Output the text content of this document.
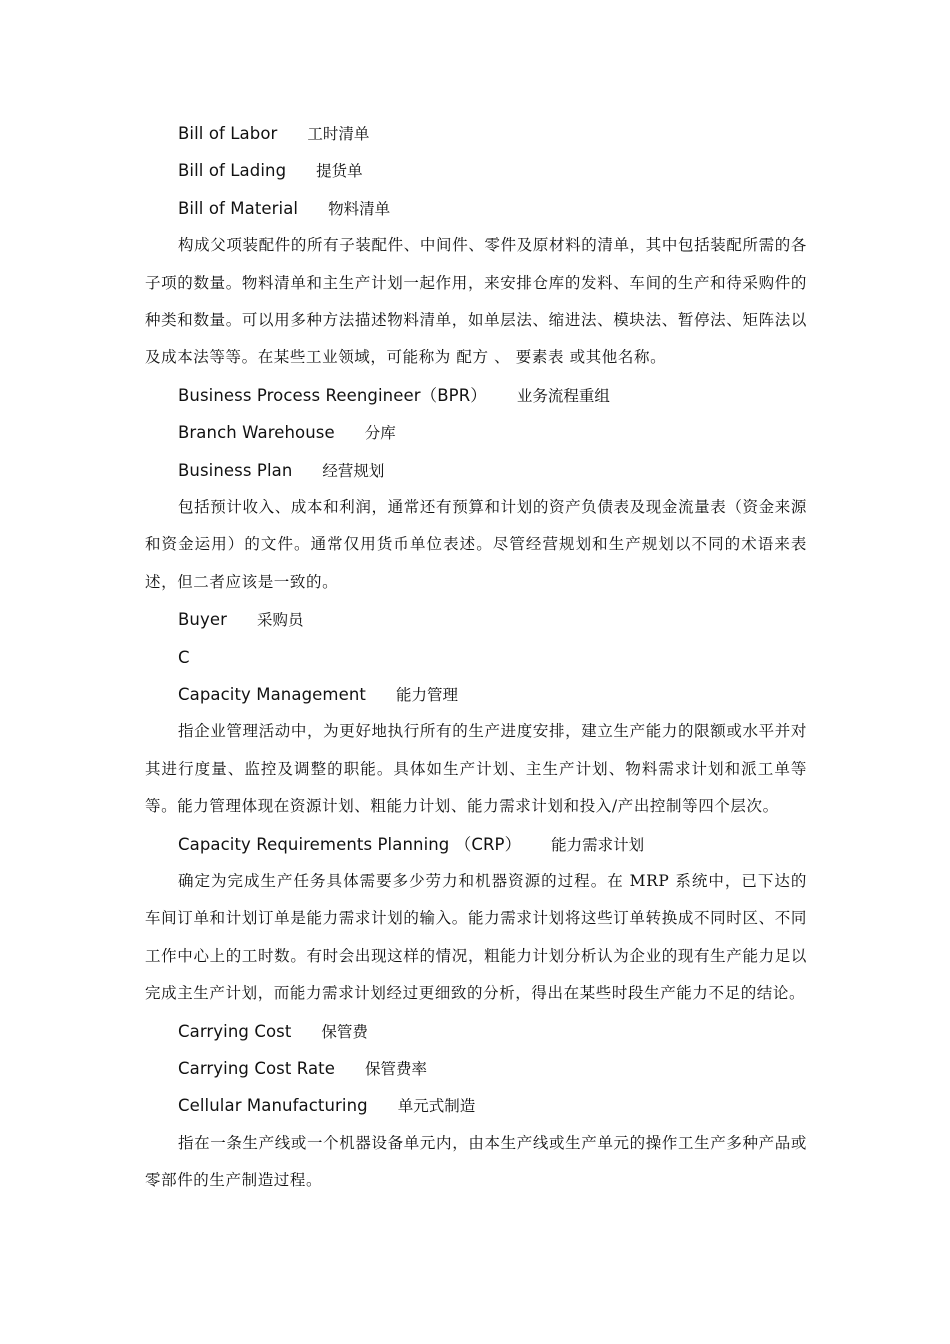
Bill of Labor 工时清单
Bill of Lading 提货单
Bill of Material 物料清单
构成父项装配件的所有子装配件、中间件、零件及原材料的清单，其中包括装配所需的各子项的数量。物料清单和主生产计划一起作用，来安排仓库的发料、车间的生产和待采购件的种类和数量。可以用多种方法描述物料清单，如单层法、缩进法、模块法、暂停法、矩阵法以及成本法等等。在某些工业领域，可能称为 配方 、 要素表 或其他名称。
Business Process Reengineer（BPR） 业务流程重组
Branch Warehouse 分库
Business Plan 经营规划
包括预计收入、成本和利润，通常还有预算和计划的资产负债表及现金流量表（资金来源和资金运用）的文件。通常仅用货币单位表述。尽管经营规划和生产规划以不同的术语来表述，但二者应该是一致的。
Buyer 采购员
C
Capacity Management 能力管理
指企业管理活动中，为更好地执行所有的生产进度安排，建立生产能力的限额或水平并对其进行度量、监控及调整的职能。具体如生产计划、主生产计划、物料需求计划和派工单等等。能力管理体现在资源计划、粗能力计划、能力需求计划和投入/产出控制等四个层次。
Capacity Requirements Planning （CRP） 能力需求计划
确定为完成生产任务具体需要多少劳力和机器资源的过程。在 MRP 系统中，已下达的车间订单和计划订单是能力需求计划的输入。能力需求计划将这些订单转换成不同时区、不同工作中心上的工时数。有时会出现这样的情况，粗能力计划分析认为企业的现有生产能力足以完成主生产计划，而能力需求计划经过更细致的分析，得出在某些时段生产能力不足的结论。
Carrying Cost 保管费
Carrying Cost Rate 保管费率
Cellular Manufacturing 单元式制造
指在一条生产线或一个机器设备单元内，由本生产线或生产单元的操作工生产多种产品或零部件的生产制造过程。
